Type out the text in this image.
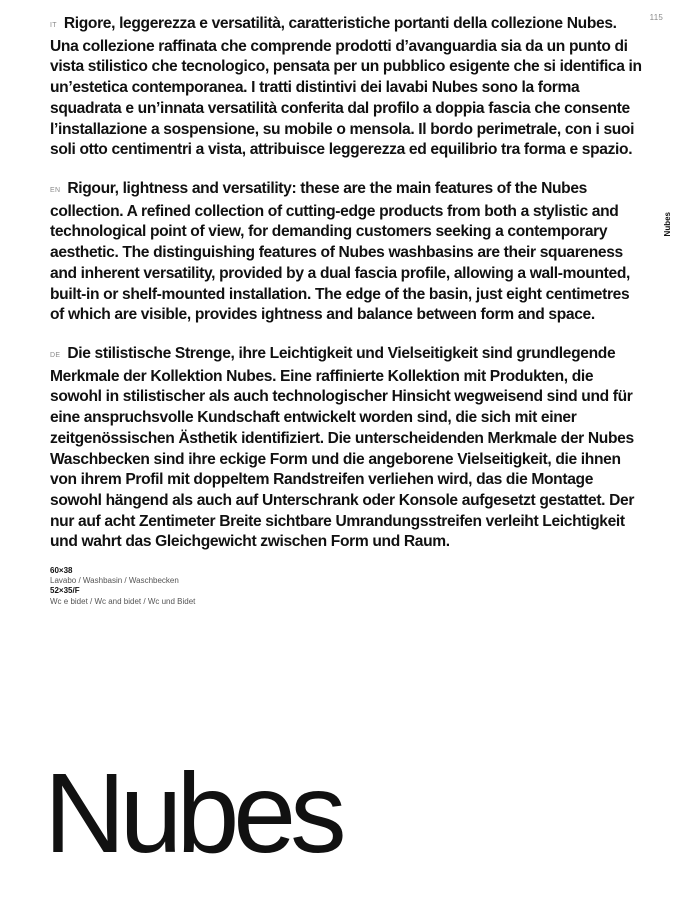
115
Nubes

IT Rigore, leggerezza e versatilità, caratteristiche portanti della collezione Nubes. Una collezione raffinata che comprende prodotti d’avanguardia sia da un punto di vista stilistico che tecnologico, pensata per un pubblico esigente che si identifica in un’estetica contemporanea. I tratti distintivi dei lavabi Nubes sono la forma squadrata e un’innata versatilità conferita dal profilo a doppia fascia che consente l’installazione a sospensione, su mobile o mensola. Il bordo perimetrale, con i suoi soli otto centimentri a vista, attribuisce leggerezza ed equilibrio tra forma e spazio.

EN Rigour, lightness and versatility: these are the main features of the Nubes collection. A refined collection of cutting-edge products from both a stylistic and technological point of view, for demanding customers seeking a contemporary aesthetic. The distinguishing features of Nubes washbasins are their squareness and inherent versatility, provided by a dual fascia profile, allowing a wall-mounted, built-in or shelf-mounted installation. The edge of the basin, just eight centimetres of which are visible, provides ightness and balance between form and space.

DE Die stilistische Strenge, ihre Leichtigkeit und Vielseitigkeit sind grundlegende Merkmale der Kollektion Nubes. Eine raffinierte Kollektion mit Produkten, die sowohl in stilistischer als auch technologischer Hinsicht wegweisend sind und für eine anspruchsvolle Kundschaft entwickelt worden sind, die sich mit einer zeitgenössischen Ästhetik identifiziert. Die unterscheidenden Merkmale der Nubes Waschbecken sind ihre eckige Form und die angeborene Vielseitigkeit, die ihnen von ihrem Profil mit doppeltem Randstreifen verliehen wird, das die Montage sowohl hängend als auch auf Unterschrank oder Konsole aufgesetzt gestattet. Der nur auf acht Zentimeter Breite sichtbare Umrandungsstreifen verleiht Leichtigkeit und wahrt das Gleichgewicht zwischen Form und Raum.

60×38
Lavabo / Washbasin / Waschbecken
52×35/F
Wc e bidet / Wc and bidet / Wc und Bidet
Nubes
